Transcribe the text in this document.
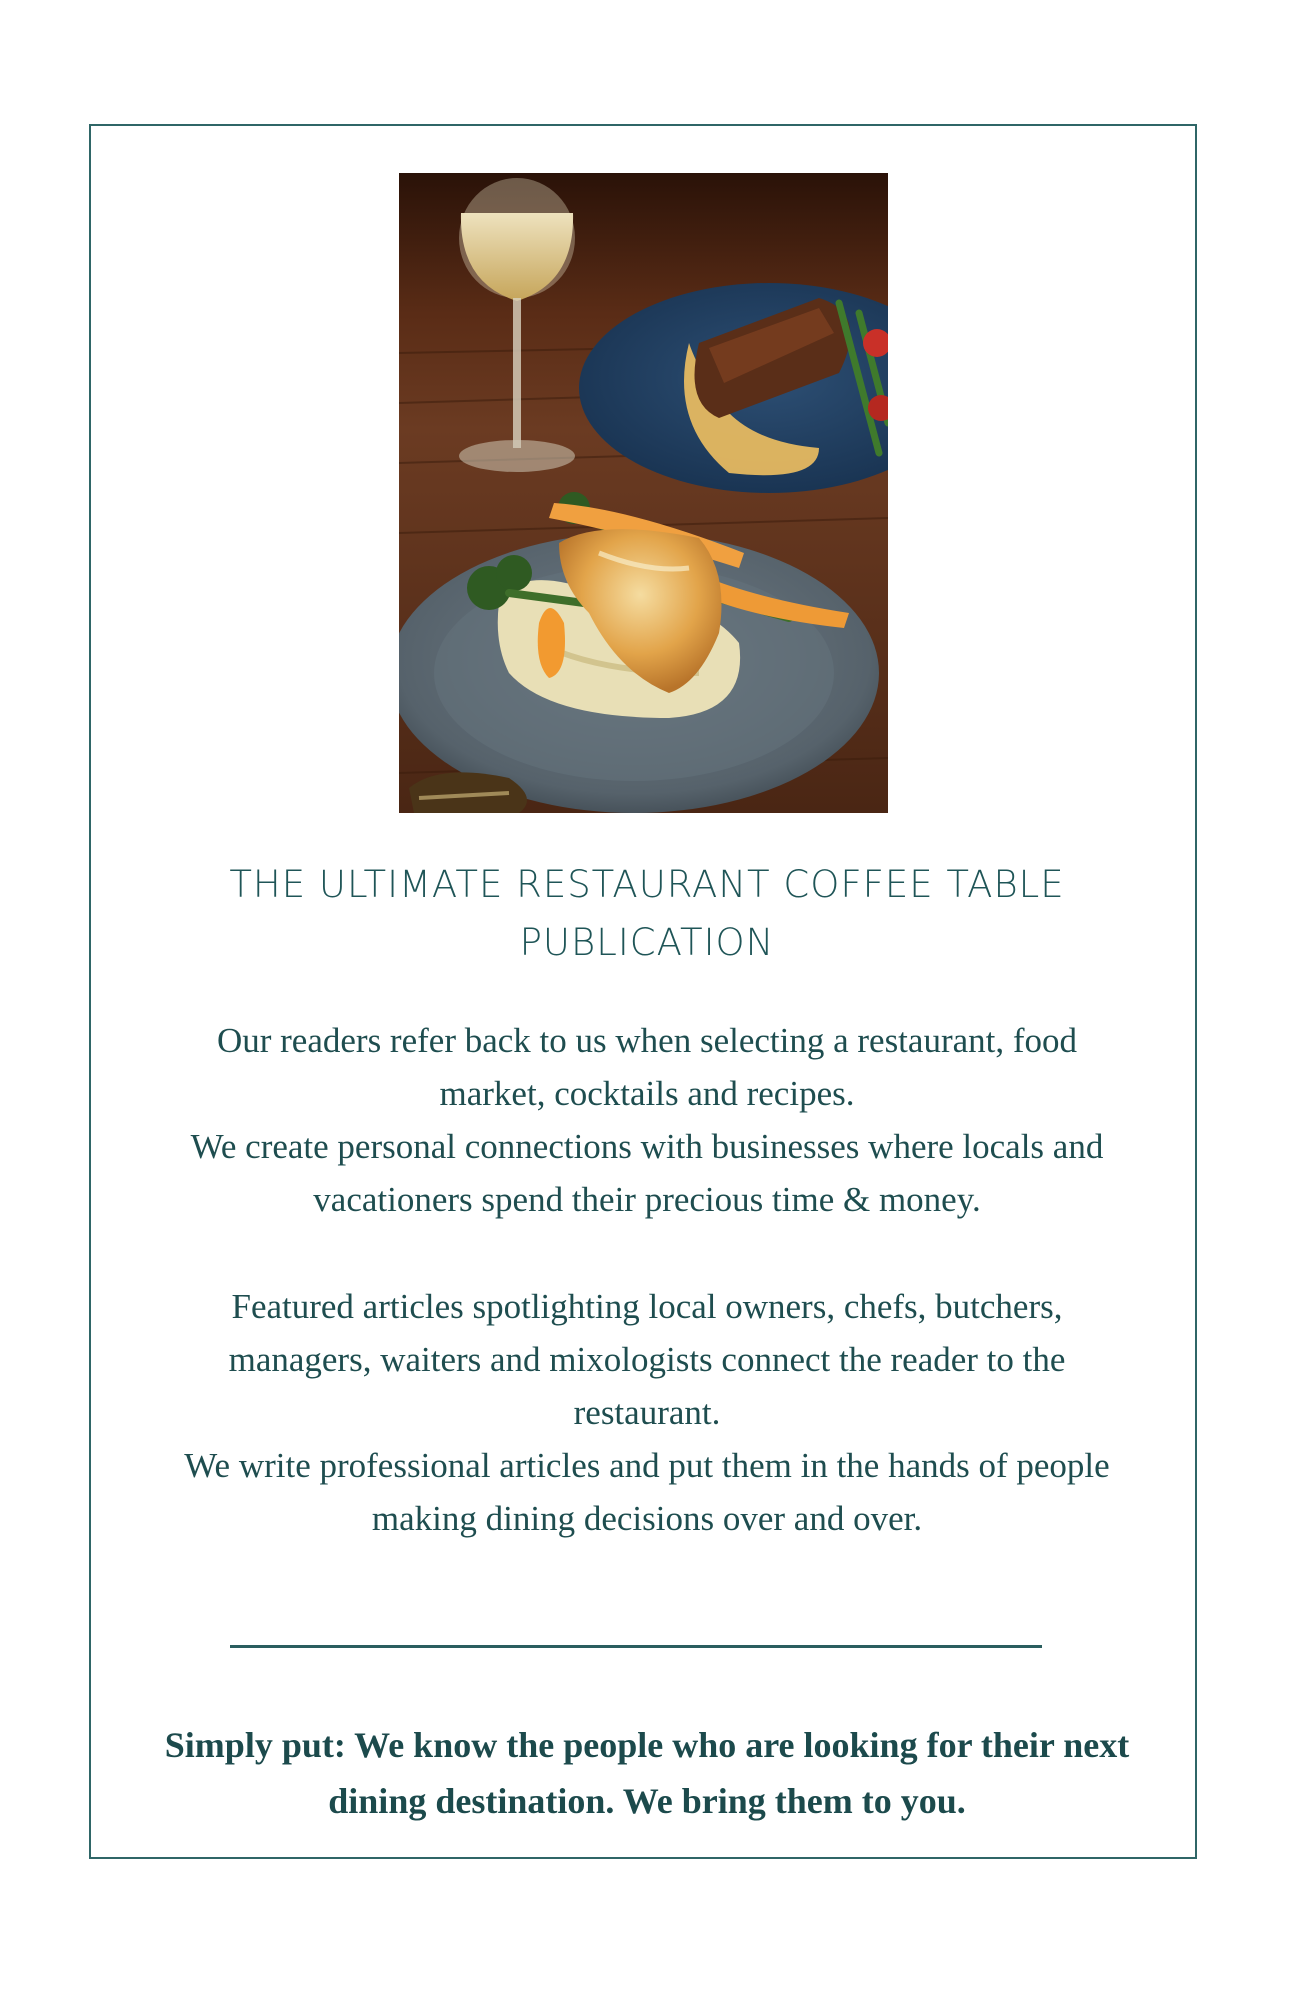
THE ULTIMATE RESTAURANT COFFEE TABLE
PUBLICATION
Our readers refer back to us when selecting a restaurant, food
market, cocktails and recipes.
We create personal connections with businesses where locals and
vacationers spend their precious time & money.
Featured articles spotlighting local owners, chefs, butchers,
managers, waiters and mixologists connect the reader to the
restaurant.
We write professional articles and put them in the hands of people
making dining decisions over and over.
Simply put: We know the people who are looking for their next
dining destination. We bring them to you.
